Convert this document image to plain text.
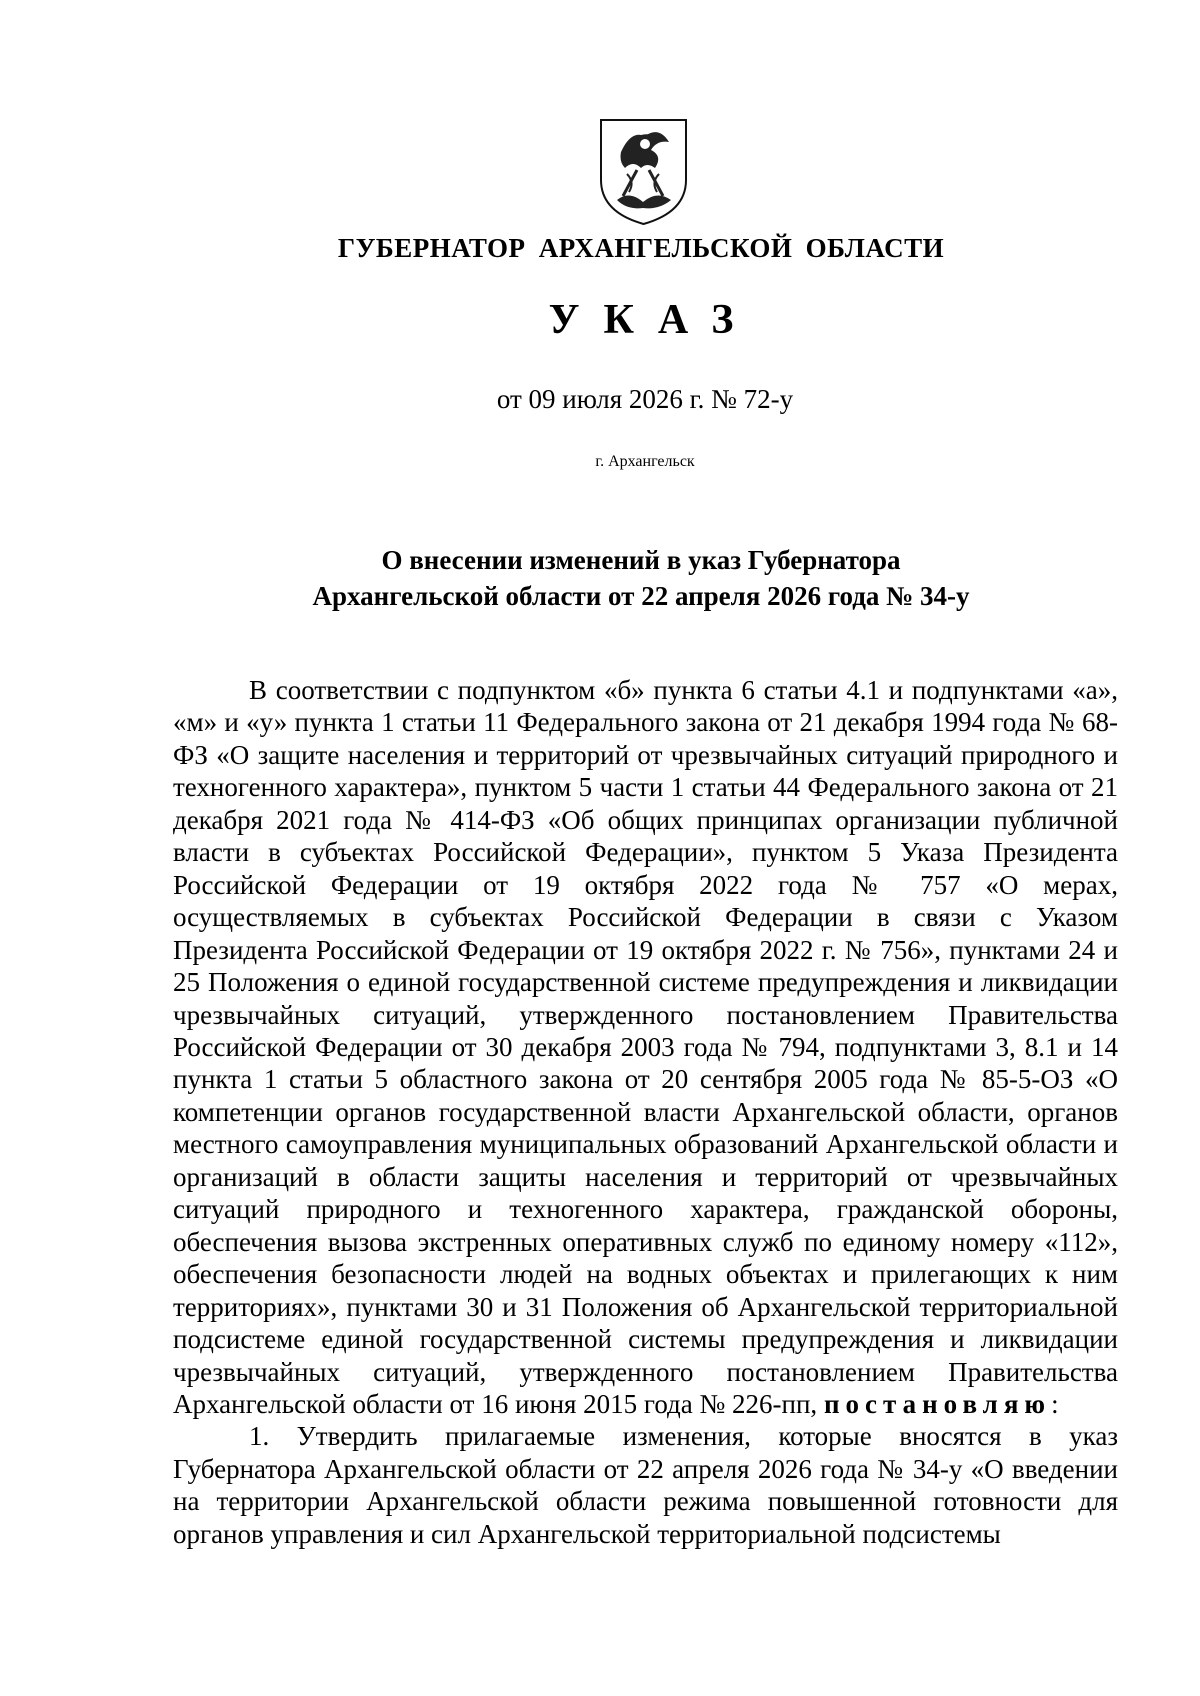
ГУБЕРНАТОР АРХАНГЕЛЬСКОЙ ОБЛАСТИ
УКАЗ
от 09 июля 2026 г. № 72-у
г. Архангельск
О внесении изменений в указ Губернатора
Архангельской области от 22 апреля 2026 года № 34-у

В соответствии с подпунктом «б» пункта 6 статьи 4.1 и подпунктами «а», «м» и «у» пункта 1 статьи 11 Федерального закона от 21 декабря 1994 года № 68-ФЗ «О защите населения и территорий от чрезвычайных ситуаций природного и техногенного характера», пунктом 5 части 1 статьи 44 Федерального закона от 21 декабря 2021 года № 414-ФЗ «Об общих принципах организации публичной власти в субъектах Российской Федерации», пунктом 5 Указа Президента Российской Федерации от 19 октября 2022 года № 757 «О мерах, осуществляемых в субъектах Российской Федерации в связи с Указом Президента Российской Федерации от 19 октября 2022 г. № 756», пунктами 24 и 25 Положения о единой государственной системе предупреждения и ликвидации чрезвычайных ситуаций, утвержденного постановлением Правительства Российской Федерации от 30 декабря 2003 года № 794, подпунктами 3, 8.1 и 14 пункта 1 статьи 5 областного закона от 20 сентября 2005 года № 85-5-ОЗ «О компетенции органов государственной власти Архангельской области, органов местного самоуправления муниципальных образований Архангельской области и организаций в области защиты населения и территорий от чрезвычайных ситуаций природного и техногенного характера, гражданской обороны, обеспечения вызова экстренных оперативных служб по единому номеру «112», обеспечения безопасности людей на водных объектах и прилегающих к ним территориях», пунктами 30 и 31 Положения об Архангельской территориальной подсистеме единой государственной системы предупреждения и ликвидации чрезвычайных ситуаций, утвержденного постановлением Правительства Архангельской области от 16 июня 2015 года № 226-пп, постановляю:

1. Утвердить прилагаемые изменения, которые вносятся в указ Губернатора Архангельской области от 22 апреля 2026 года № 34-у «О введении на территории Архангельской области режима повышенной готовности для органов управления и сил Архангельской территориальной подсистемы
